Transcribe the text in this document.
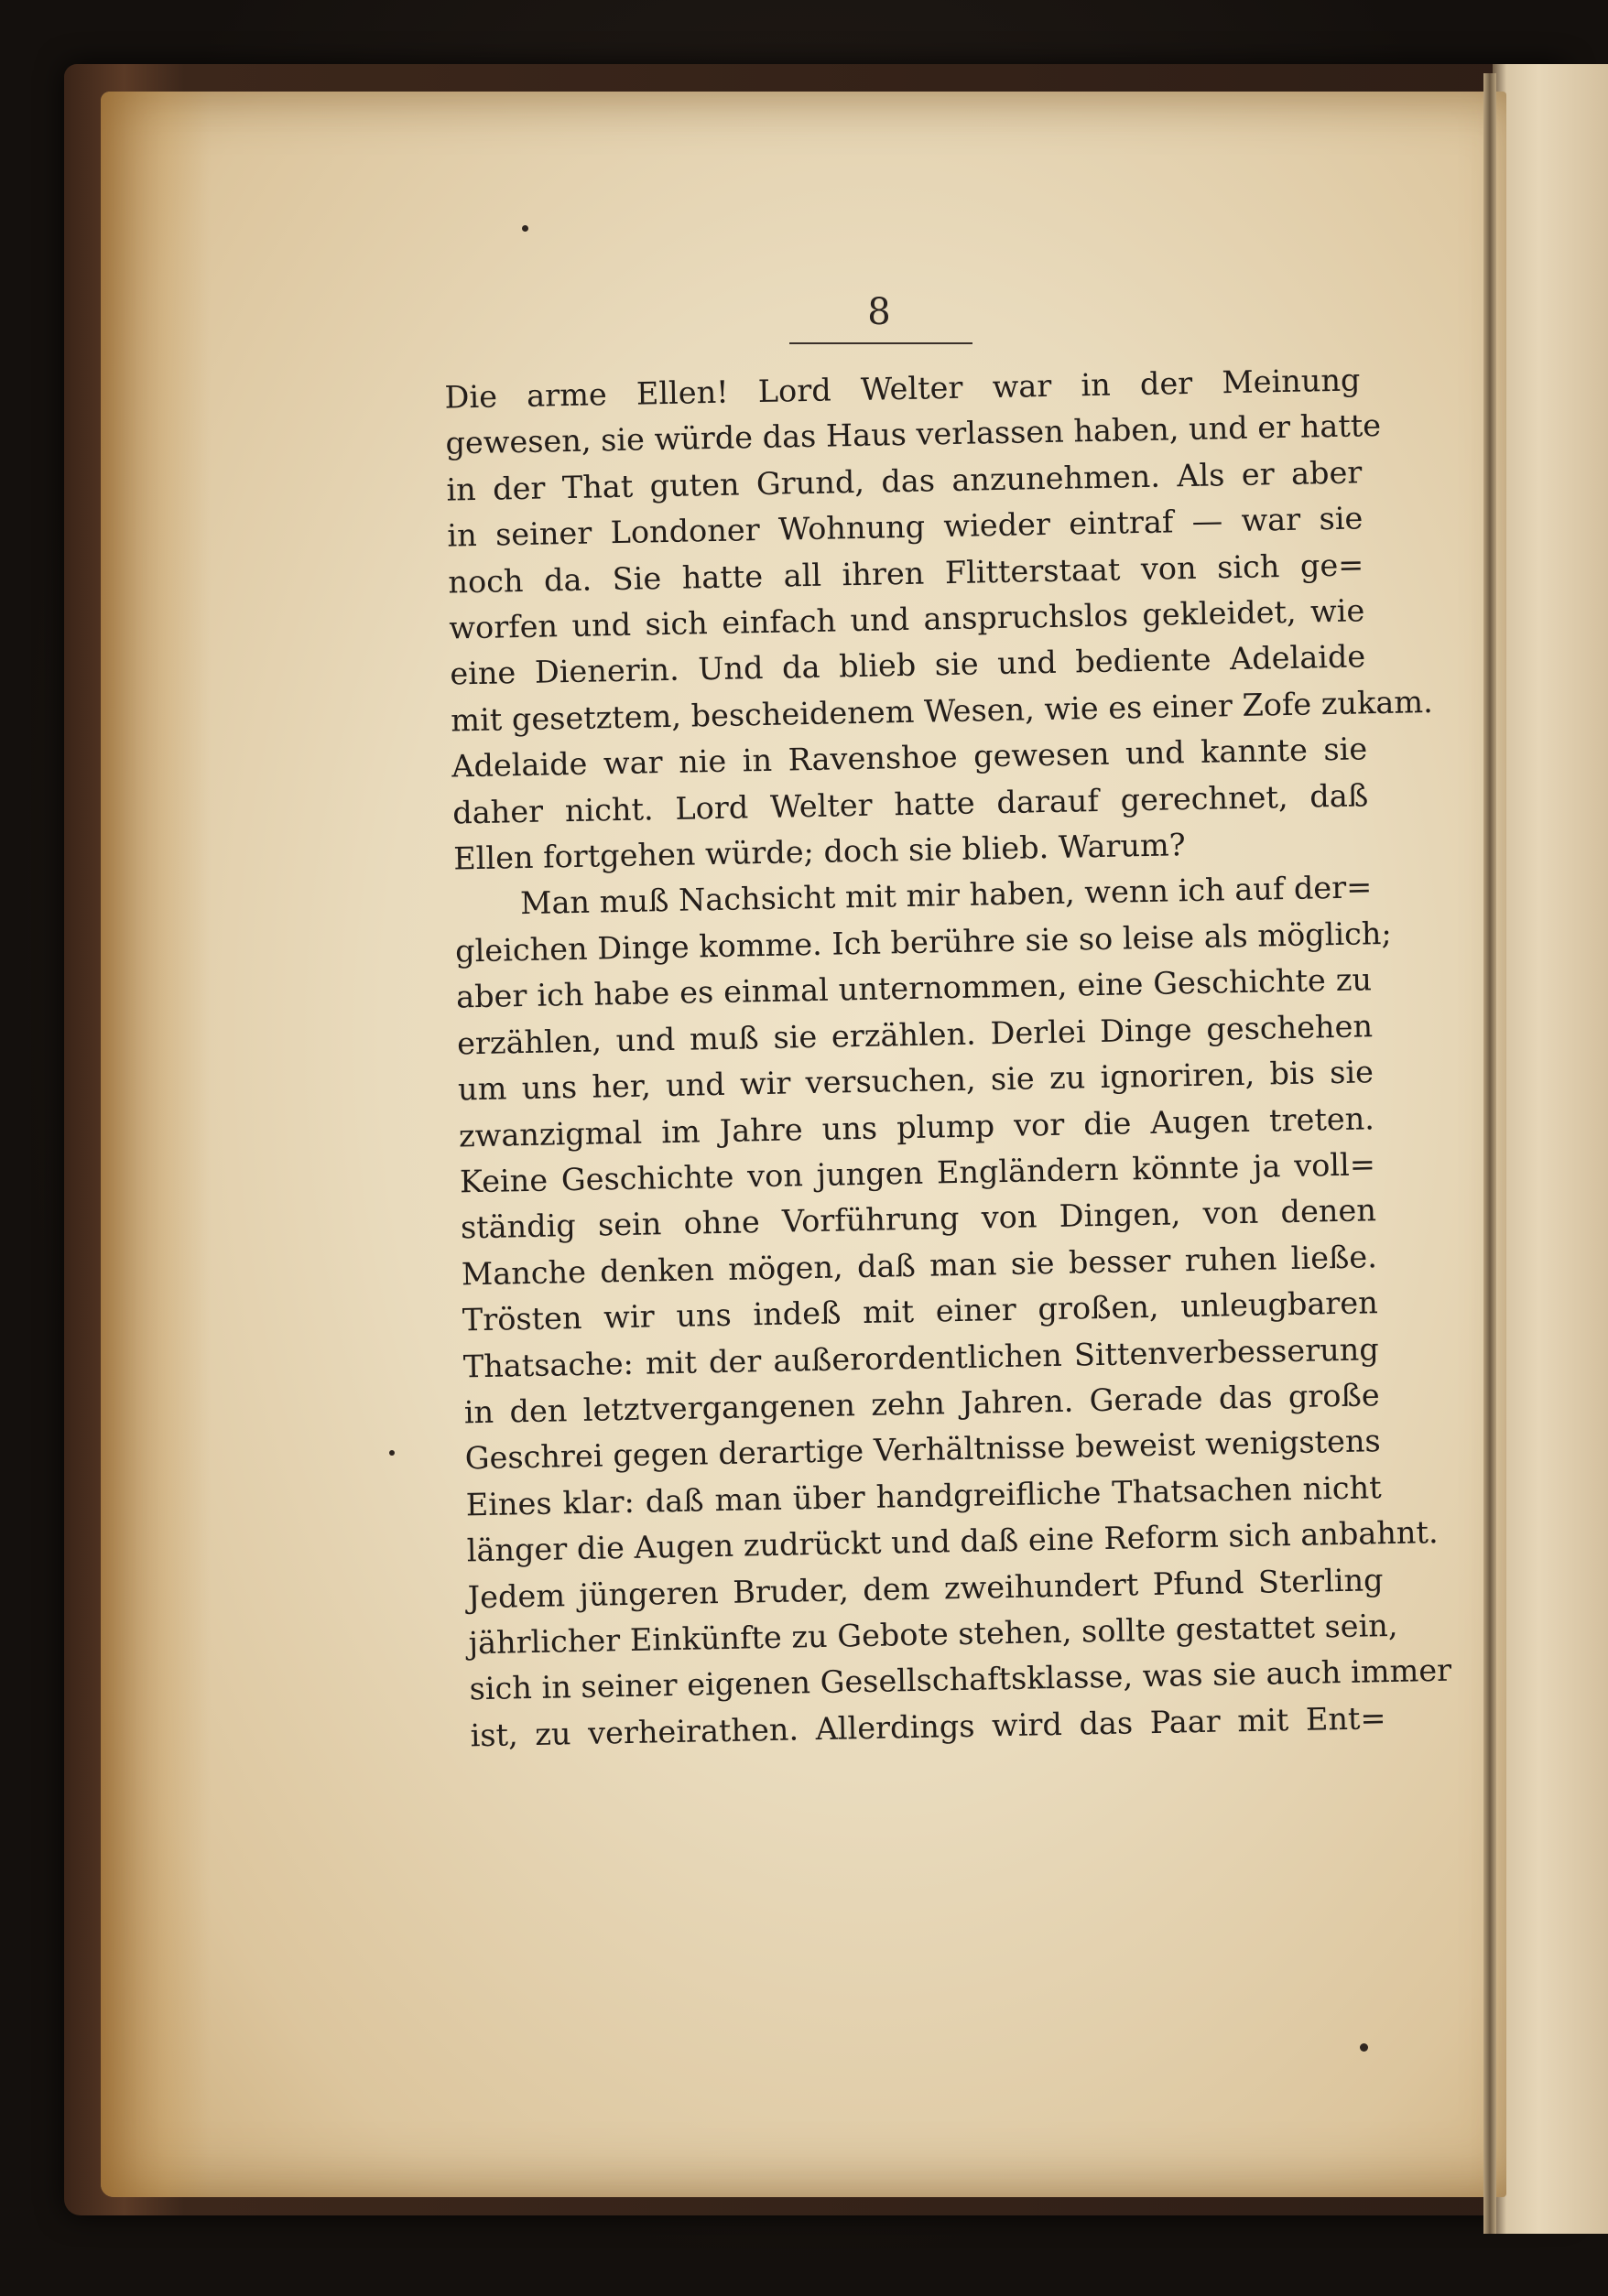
8
Die arme Ellen! Lord Welter war in der Meinung
gewesen, sie würde das Haus verlassen haben, und er hatte
in der That guten Grund, das anzunehmen. Als er aber
in seiner Londoner Wohnung wieder eintraf — war sie
noch da. Sie hatte all ihren Flitterstaat von sich ge=
worfen und sich einfach und anspruchslos gekleidet, wie
eine Dienerin. Und da blieb sie und bediente Adelaide
mit gesetztem, bescheidenem Wesen, wie es einer Zofe zukam.
Adelaide war nie in Ravenshoe gewesen und kannte sie
daher nicht. Lord Welter hatte darauf gerechnet, daß
Ellen fortgehen würde; doch sie blieb. Warum?
Man muß Nachsicht mit mir haben, wenn ich auf der=
gleichen Dinge komme. Ich berühre sie so leise als möglich;
aber ich habe es einmal unternommen, eine Geschichte zu
erzählen, und muß sie erzählen. Derlei Dinge geschehen
um uns her, und wir versuchen, sie zu ignoriren, bis sie
zwanzigmal im Jahre uns plump vor die Augen treten.
Keine Geschichte von jungen Engländern könnte ja voll=
ständig sein ohne Vorführung von Dingen, von denen
Manche denken mögen, daß man sie besser ruhen ließe.
Trösten wir uns indeß mit einer großen, unleugbaren
Thatsache: mit der außerordentlichen Sittenverbesserung
in den letztvergangenen zehn Jahren. Gerade das große
Geschrei gegen derartige Verhältnisse beweist wenigstens
Eines klar: daß man über handgreifliche Thatsachen nicht
länger die Augen zudrückt und daß eine Reform sich anbahnt.
Jedem jüngeren Bruder, dem zweihundert Pfund Sterling
jährlicher Einkünfte zu Gebote stehen, sollte gestattet sein,
sich in seiner eigenen Gesellschaftsklasse, was sie auch immer
ist, zu verheirathen. Allerdings wird das Paar mit Ent=
